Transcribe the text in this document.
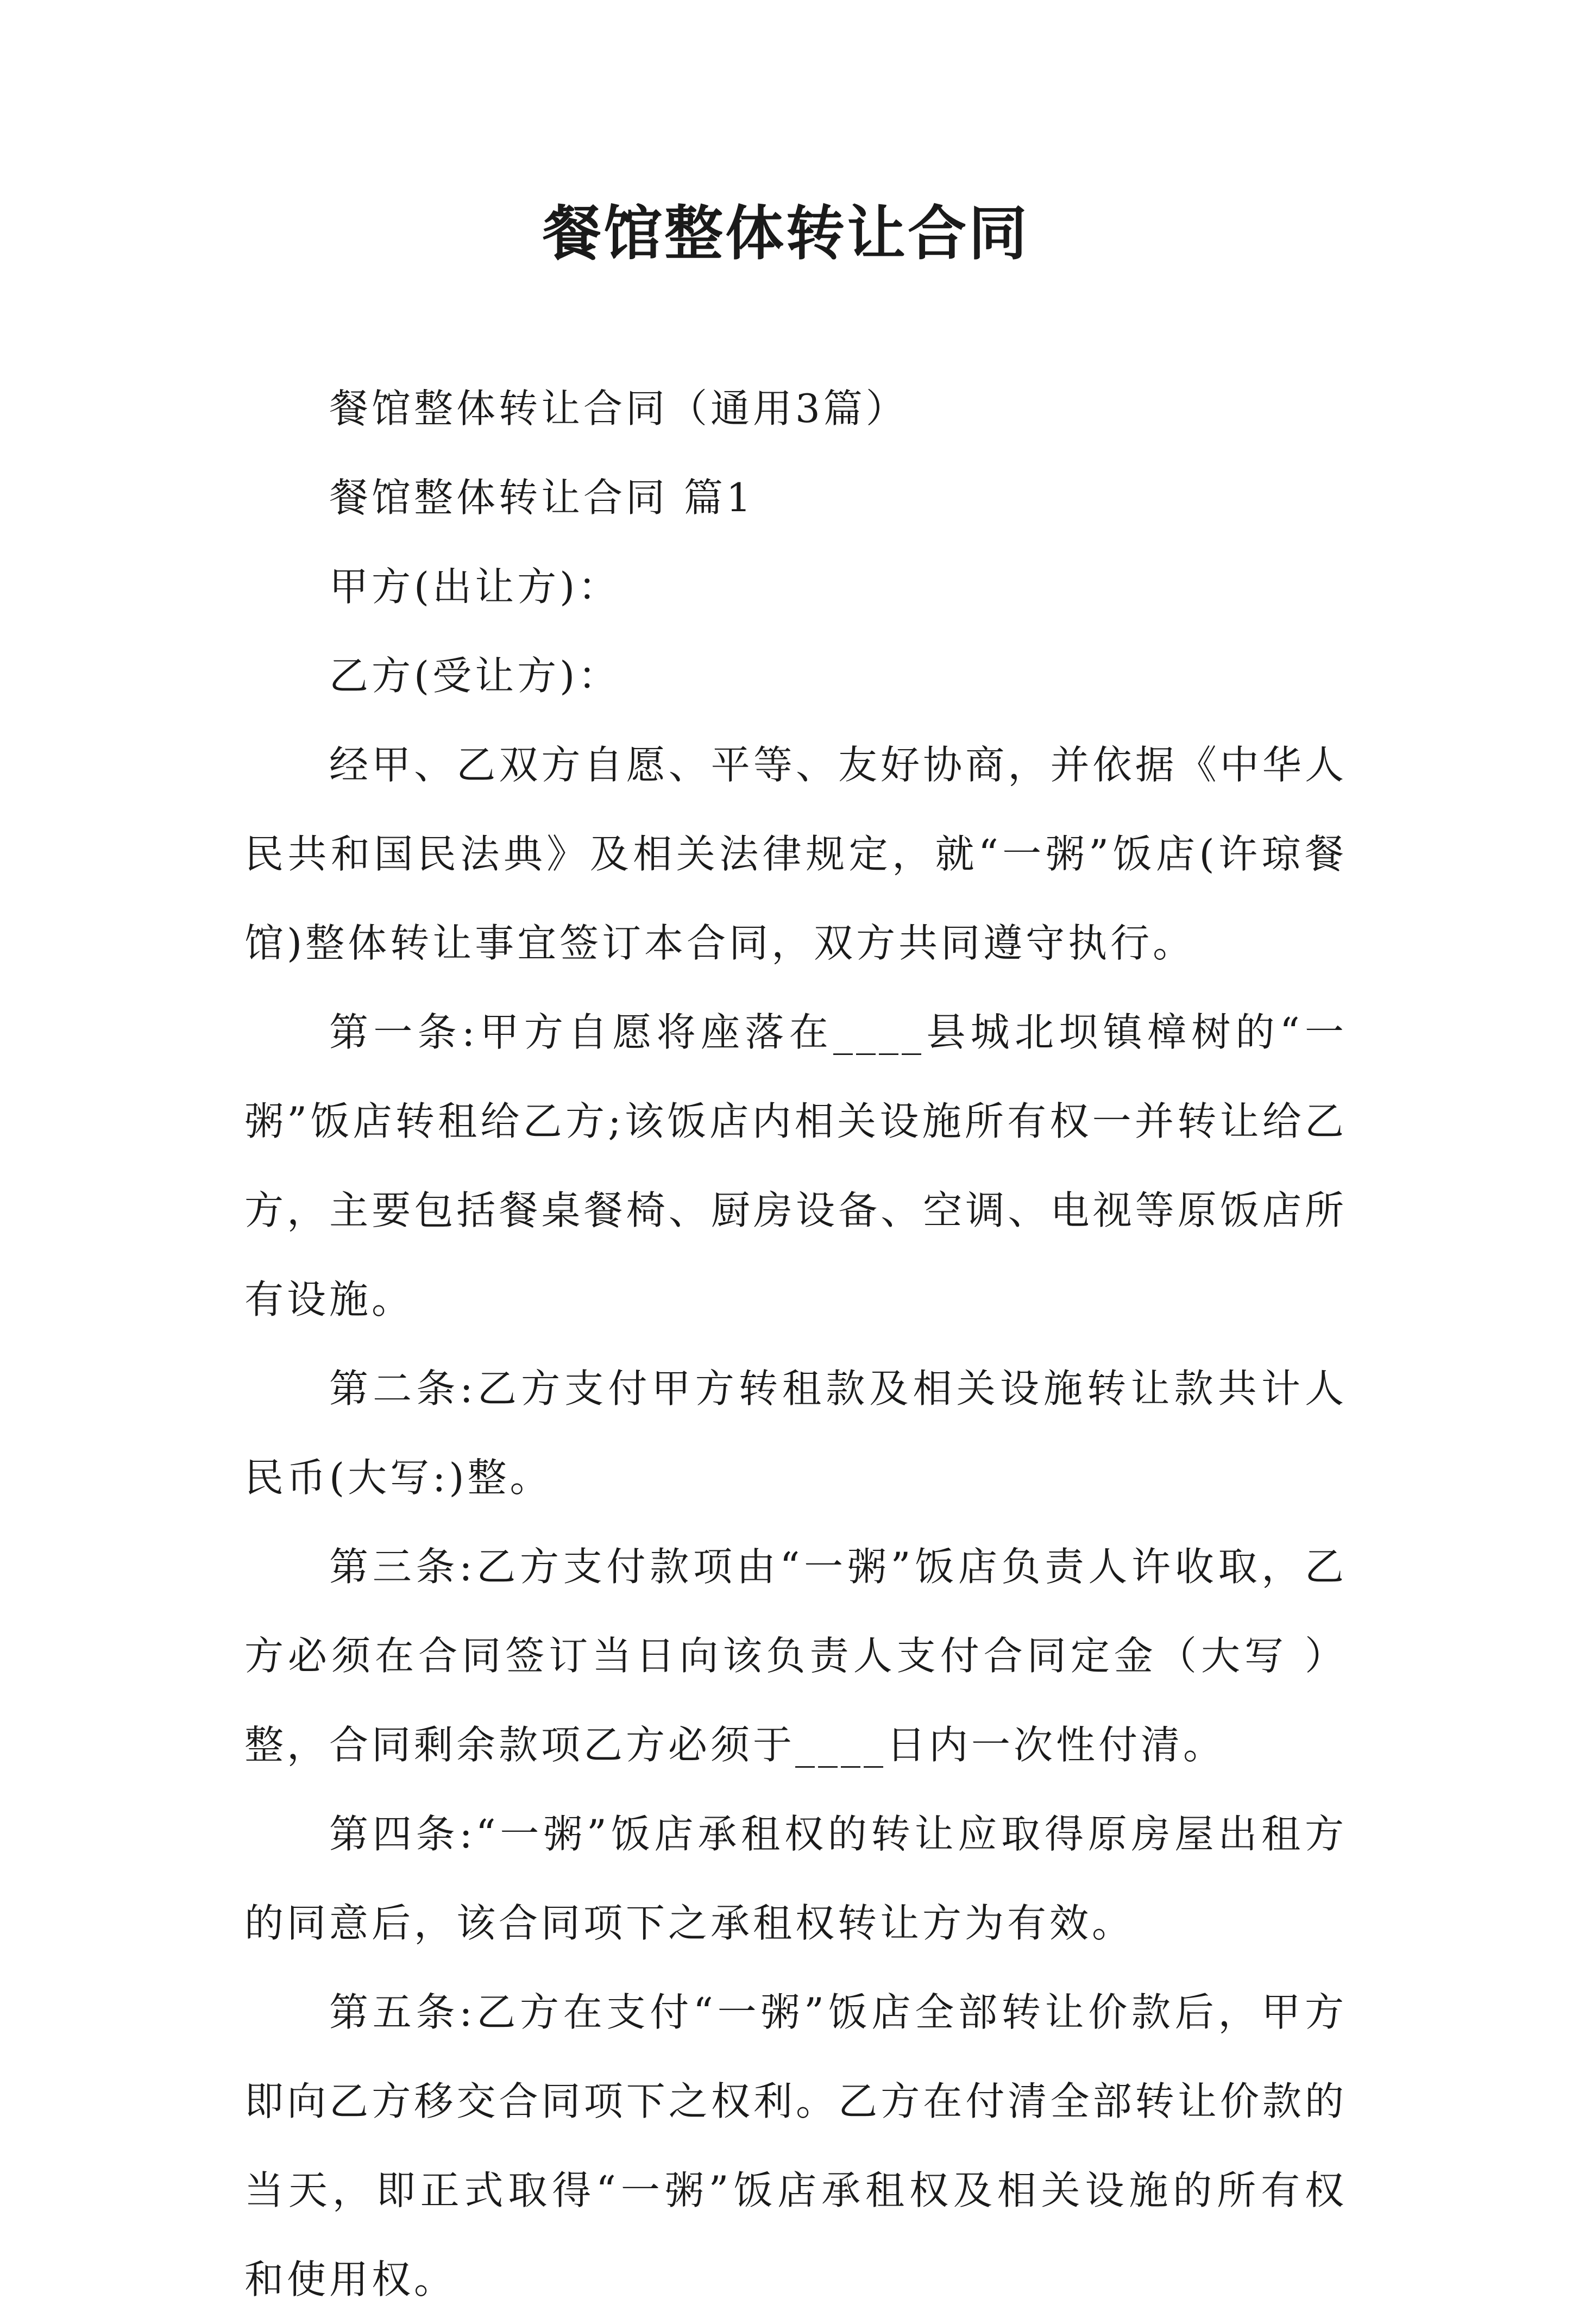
餐馆整体转让合同

餐馆整体转让合同（通用3篇）

餐馆整体转让合同 篇1

甲方(出让方)：

乙方(受让方)：

经甲、乙双方自愿、平等、友好协商，并依据《中华人民共和国民法典》及相关法律规定，就“一粥”饭店(许琼餐馆)整体转让事宜签订本合同，双方共同遵守执行。

第一条:甲方自愿将座落在____县城北坝镇樟树的“一粥”饭店转租给乙方;该饭店内相关设施所有权一并转让给乙方，主要包括餐桌餐椅、厨房设备、空调、电视等原饭店所有设施。

第二条:乙方支付甲方转租款及相关设施转让款共计人民币(大写:)整。

第三条:乙方支付款项由“一粥”饭店负责人许收取，乙方必须在合同签订当日向该负责人支付合同定金（大写 ）整，合同剩余款项乙方必须于____日内一次性付清。

第四条:“一粥”饭店承租权的转让应取得原房屋出租方的同意后，该合同项下之承租权转让方为有效。

第五条:乙方在支付“一粥”饭店全部转让价款后，甲方即向乙方移交合同项下之权利。乙方在付清全部转让价款的当天，即正式取得“一粥”饭店承租权及相关设施的所有权和使用权。
